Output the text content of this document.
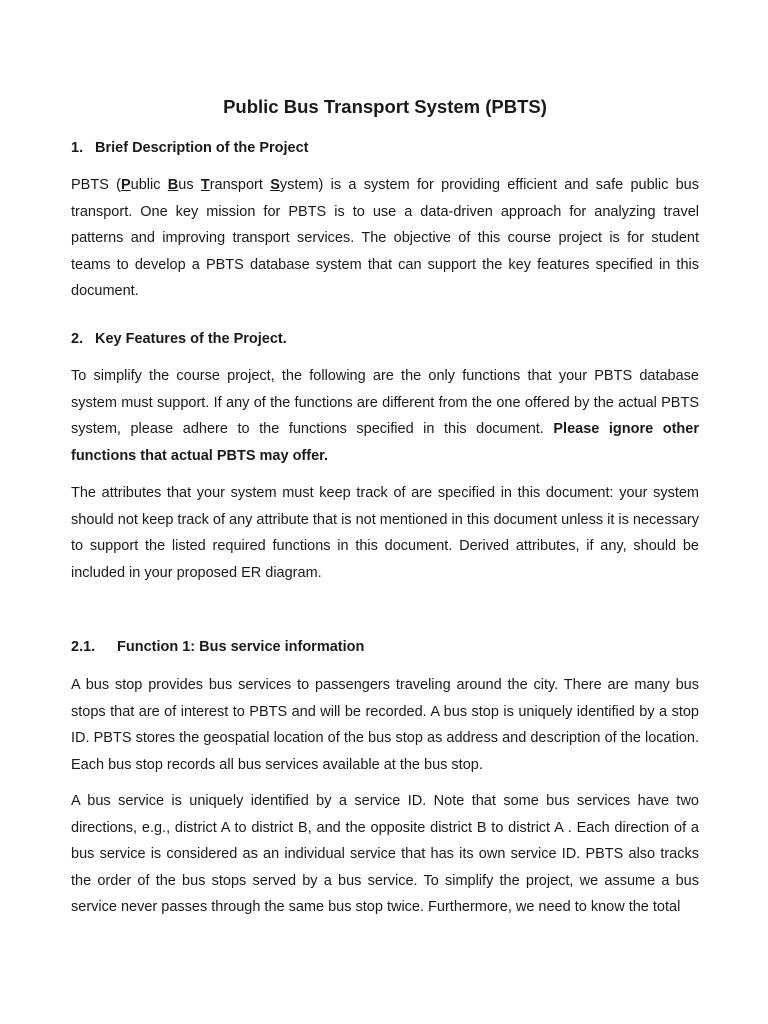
Public Bus Transport System (PBTS)
1. Brief Description of the Project

PBTS (Public Bus Transport System) is a system for providing efficient and safe public bus transport. One key mission for PBTS is to use a data-driven approach for analyzing travel patterns and improving transport services. The objective of this course project is for student teams to develop a PBTS database system that can support the key features specified in this document.

2. Key Features of the Project.

To simplify the course project, the following are the only functions that your PBTS database system must support. If any of the functions are different from the one offered by the actual PBTS system, please adhere to the functions specified in this document. Please ignore other functions that actual PBTS may offer.

The attributes that your system must keep track of are specified in this document: your system should not keep track of any attribute that is not mentioned in this document unless it is necessary to support the listed required functions in this document. Derived attributes, if any, should be included in your proposed ER diagram.

2.1. Function 1: Bus service information

A bus stop provides bus services to passengers traveling around the city. There are many bus stops that are of interest to PBTS and will be recorded. A bus stop is uniquely identified by a stop ID. PBTS stores the geospatial location of the bus stop as address and description of the location. Each bus stop records all bus services available at the bus stop.

A bus service is uniquely identified by a service ID. Note that some bus services have two directions, e.g., district A to district B, and the opposite district B to district A . Each direction of a bus service is considered as an individual service that has its own service ID. PBTS also tracks the order of the bus stops served by a bus service. To simplify the project, we assume a bus service never passes through the same bus stop twice. Furthermore, we need to know the total
